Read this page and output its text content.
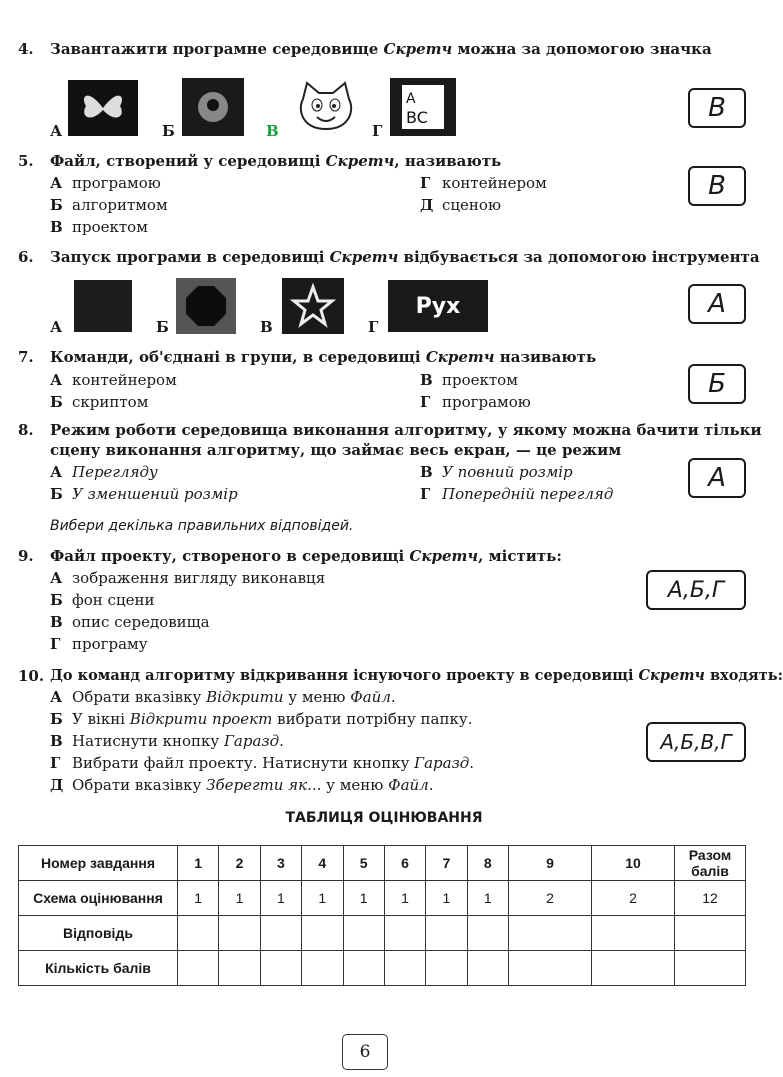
4. Завантажити програмне середовище Скретч можна за допомогою значка
А	Б	В	Г
A
BC	В
5. Файл, створений у середовищі Скретч, називають
А програмою
Б алгоритмом
В проектом
Г контейнером
Д сценою
В
6. Запуск програми в середовищі Скретч відбувається за допомогою інструмента
А	Б	В	Г
Рух	А
7. Команди, об'єднані в групи, в середовищі Скретч називають
А контейнером
Б скриптом
В проектом
Г програмою
Б
8. Режим роботи середовища виконання алгоритму, у якому можна бачити тільки
сцену виконання алгоритму, що займає весь екран, — це режим
А Перегляду
Б У зменшений розмір
В У повний розмір
Г Попередній перегляд
А
Вибери декілька правильних відповідей.
9. Файл проекту, створеного в середовищі Скретч, містить:
А зображення вигляду виконавця
Б фон сцени
В опис середовища
Г програму
А,Б,Г
10. До команд алгоритму відкривання існуючого проекту в середовищі Скретч входять:
А Обрати вказівку Відкрити у меню Файл.
Б У вікні Відкрити проект вибрати потрібну папку.
В Натиснути кнопку Гаразд.
Г Вибрати файл проекту. Натиснути кнопку Гаразд.
Д Обрати вказівку Зберегти як... у меню Файл.
А,Б,В,Г
ТАБЛИЦЯ ОЦІНЮВАННЯ
Номер завдання	1	2	3	4	5	6	7	8	9	10	Разом балів
Схема оцінювання	1	1	1	1	1	1	1	1	2	2	12
Відповідь											
Кількість балів											
6
